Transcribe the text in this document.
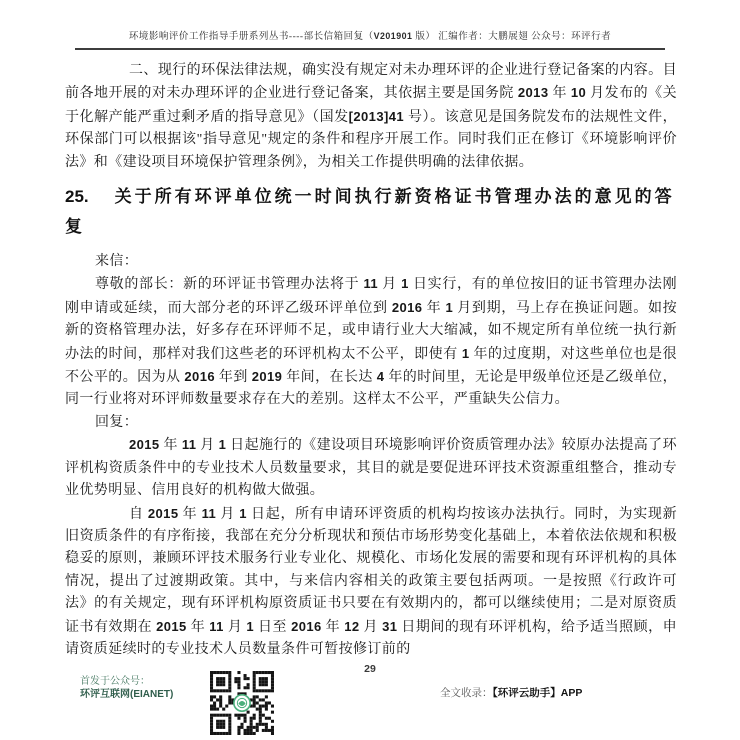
环境影响评价工作指导手册系列丛书----部长信箱回复（V201901 版） 汇编作者：大鹏展翅 公众号：环评行者

二、现行的环保法律法规，确实没有规定对未办理环评的企业进行登记备案的内容。目前各地开展的对未办理环评的企业进行登记备案，其依据主要是国务院 2013 年 10 月发布的《关于化解产能严重过剩矛盾的指导意见》（国发[2013]41 号）。该意见是国务院发布的法规性文件，环保部门可以根据该"指导意见"规定的条件和程序开展工作。同时我们正在修订《环境影响评价法》和《建设项目环境保护管理条例》，为相关工作提供明确的法律依据。

25. 关于所有环评单位统一时间执行新资格证书管理办法的意见的答复

来信：

尊敬的部长：新的环评证书管理办法将于 11 月 1 日实行，有的单位按旧的证书管理办法刚刚申请或延续，而大部分老的环评乙级环评单位到 2016 年 1 月到期，马上存在换证问题。如按新的资格管理办法，好多存在环评师不足，或申请行业大大缩减，如不规定所有单位统一执行新办法的时间，那样对我们这些老的环评机构太不公平，即使有 1 年的过度期，对这些单位也是很不公平的。因为从 2016 年到 2019 年间，在长达 4 年的时间里，无论是甲级单位还是乙级单位，同一行业将对环评师数量要求存在大的差别。这样太不公平，严重缺失公信力。

回复：

2015 年 11 月 1 日起施行的《建设项目环境影响评价资质管理办法》较原办法提高了环评机构资质条件中的专业技术人员数量要求，其目的就是要促进环评技术资源重组整合，推动专业优势明显、信用良好的机构做大做强。

自 2015 年 11 月 1 日起，所有申请环评资质的机构均按该办法执行。同时，为实现新旧资质条件的有序衔接，我部在充分分析现状和预估市场形势变化基础上，本着依法依规和积极稳妥的原则，兼顾环评技术服务行业专业化、规模化、市场化发展的需要和现有环评机构的具体情况，提出了过渡期政策。其中，与来信内容相关的政策主要包括两项。一是按照《行政许可法》的有关规定，现有环评机构原资质证书只要在有效期内的，都可以继续使用；二是对原资质证书有效期在 2015 年 11 月 1 日至 2016 年 12 月 31 日期间的现有环评机构，给予适当照顾，申请资质延续时的专业技术人员数量条件可暂按修订前的

29
首发于公众号：
环评互联网(EIANET)	全文收录：【环评云助手】APP
